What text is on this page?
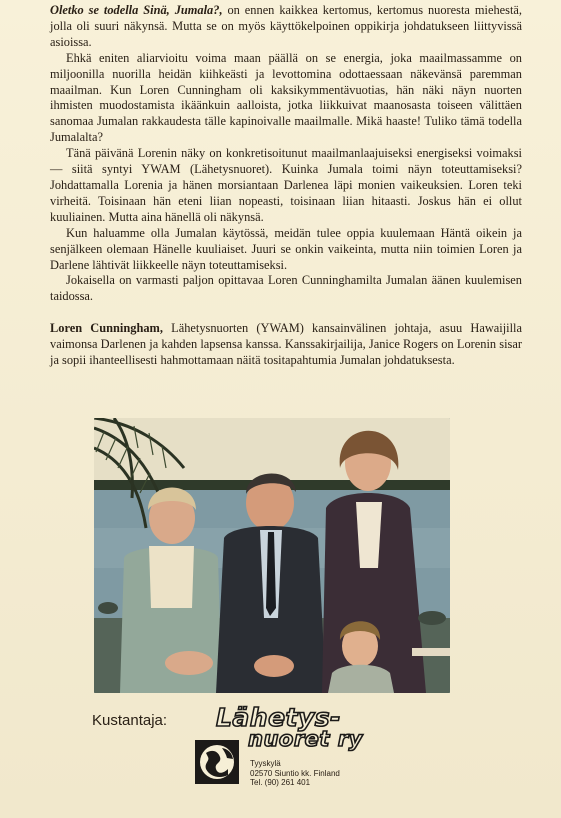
Oletko se todella Sinä, Jumala?, on ennen kaikkea kertomus, kertomus nuoresta miehestä, jolla oli suuri näkynsä. Mutta se on myös käyttökelpoinen oppikirja johdatukseen liittyvissä asioissa.

Ehkä eniten aliarvioitu voima maan päällä on se energia, joka maailmassamme on miljoonilla nuorilla heidän kiihkeästi ja levottomina odottaessaan näkevänsä paremman maailman. Kun Loren Cunningham oli kaksikymmentävuotias, hän näki näyn nuorten ihmisten muodostamista ikäänkuin aalloista, jotka liikkuivat maanosasta toiseen välittäen sanomaa Jumalan rakkaudesta tälle kapinoivalle maailmalle. Mikä haaste! Tuliko tämä todella Jumalalta?

Tänä päivänä Lorenin näky on konkretisoitunut maailmanlaajuiseksi energiseksi voimaksi — siitä syntyi YWAM (Lähetysnuoret). Kuinka Jumala toimi näyn toteuttamiseksi? Johdattamalla Lorenia ja hänen morsiantaan Darlenea läpi monien vaikeuksien. Loren teki virheitä. Toisinaan hän eteni liian nopeasti, toisinaan liian hitaasti. Joskus hän ei ollut kuuliainen. Mutta aina hänellä oli näkynsä.

Kun haluamme olla Jumalan käytössä, meidän tulee oppia kuulemaan Häntä oikein ja senjälkeen olemaan Hänelle kuuliaiset. Juuri se onkin vaikeinta, mutta niin toimien Loren ja Darlene lähtivät liikkeelle näyn toteuttamiseksi.

Jokaisella on varmasti paljon opittavaa Loren Cunninghamilta Jumalan äänen kuulemisen taidossa.

Loren Cunningham, Lähetysnuorten (YWAM) kansainvälinen johtaja, asuu Hawaijilla vaimonsa Darlenen ja kahden lapsensa kanssa. Kanssakirjailija, Janice Rogers on Lorenin sisar ja sopii ihanteellisesti hahmottamaan näitä tositapahtumia Jumalan johdatuksesta.

Kustantaja: Lähetys-
nuoret ry
Tyyskylä
02570 Siuntio kk. Finland
Tel. (90) 261 401
